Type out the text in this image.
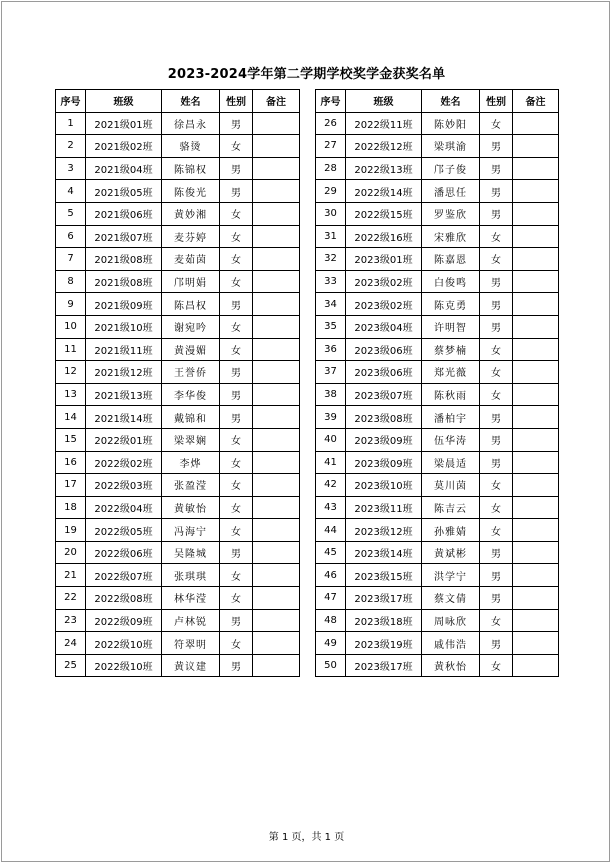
2023-2024学年第二学期学校奖学金获奖名单
序号	班级	姓名	性别	备注
1	2021级01班	徐昌永	男	
2	2021级02班	骆烫	女	
3	2021级04班	陈锦权	男	
4	2021级05班	陈俊光	男	
5	2021级06班	黄妙湘	女	
6	2021级07班	麦芬婷	女	
7	2021级08班	麦茹茵	女	
8	2021级08班	邝明娟	女	
9	2021级09班	陈昌权	男	
10	2021级10班	谢宛吟	女	
11	2021级11班	黄漫媚	女	
12	2021级12班	王誉侨	男	
13	2021级13班	李华俊	男	
14	2021级14班	戴锦和	男	
15	2022级01班	梁翠娴	女	
16	2022级02班	李烨	女	
17	2022级03班	张盈滢	女	
18	2022级04班	黄敏怡	女	
19	2022级05班	冯海宁	女	
20	2022级06班	吴隆城	男	
21	2022级07班	张琪琪	女	
22	2022级08班	林华滢	女	
23	2022级09班	卢林锐	男	
24	2022级10班	符翠明	女	
25	2022级10班	黄议建	男	
序号	班级	姓名	性别	备注
26	2022级11班	陈妙阳	女	
27	2022级12班	梁琪渝	男	
28	2022级13班	邝子俊	男	
29	2022级14班	潘思任	男	
30	2022级15班	罗鉴欣	男	
31	2022级16班	宋雅欣	女	
32	2023级01班	陈嘉恩	女	
33	2023级02班	白俊鸣	男	
34	2023级02班	陈克勇	男	
35	2023级04班	许明智	男	
36	2023级06班	蔡梦楠	女	
37	2023级06班	郑光薇	女	
38	2023级07班	陈秋雨	女	
39	2023级08班	潘柏宇	男	
40	2023级09班	伍华涛	男	
41	2023级09班	梁晨适	男	
42	2023级10班	莫川茵	女	
43	2023级11班	陈吉云	女	
44	2023级12班	孙雅婧	女	
45	2023级14班	黄斌彬	男	
46	2023级15班	洪学宁	男	
47	2023级17班	蔡文倩	男	
48	2023级18班	周咏欣	女	
49	2023级19班	戚伟浩	男	
50	2023级17班	黄秋怡	女	
第 1 页，共 1 页
